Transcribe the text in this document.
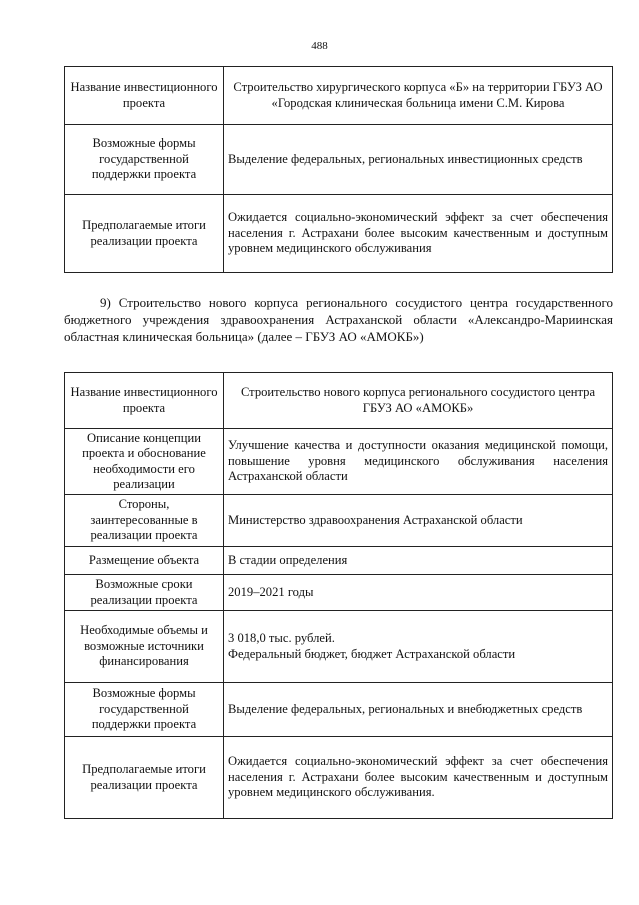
488
Название инвестиционного проекта	Строительство хирургического корпуса «Б» на территории ГБУЗ АО «Городская клиническая больница имени С.М. Кирова
Возможные формы государственной поддержки проекта	Выделение федеральных, региональных инвестиционных средств
Предполагаемые итоги реализации проекта	Ожидается социально-экономический эффект за счет обеспечения населения г. Астрахани более высоким качественным и доступным уровнем медицинского обслуживания
9) Строительство нового корпуса регионального сосудистого центра государственного бюджетного учреждения здравоохранения Астраханской области «Александро-Мариинская областная клиническая больница» (далее – ГБУЗ АО «АМОКБ»)
Название инвестиционного проекта	Строительство нового корпуса регионального сосудистого центра ГБУЗ АО «АМОКБ»
Описание концепции проекта и обоснование необходимости его реализации	Улучшение качества и доступности оказания медицинской помощи, повышение уровня медицинского обслуживания населения Астраханской области
Стороны, заинтересованные в реализации проекта	Министерство здравоохранения Астраханской области
Размещение объекта	В стадии определения
Возможные сроки реализации проекта	2019–2021 годы
Необходимые объемы и возможные источники финансирования	3 018,0 тыс. рублей.
Федеральный бюджет, бюджет Астраханской области

Возможные формы государственной поддержки проекта	Выделение федеральных, региональных и внебюджетных средств
Предполагаемые итоги реализации проекта	Ожидается социально-экономический эффект за счет обеспечения населения г. Астрахани более высоким качественным и доступным уровнем медицинского обслуживания.
